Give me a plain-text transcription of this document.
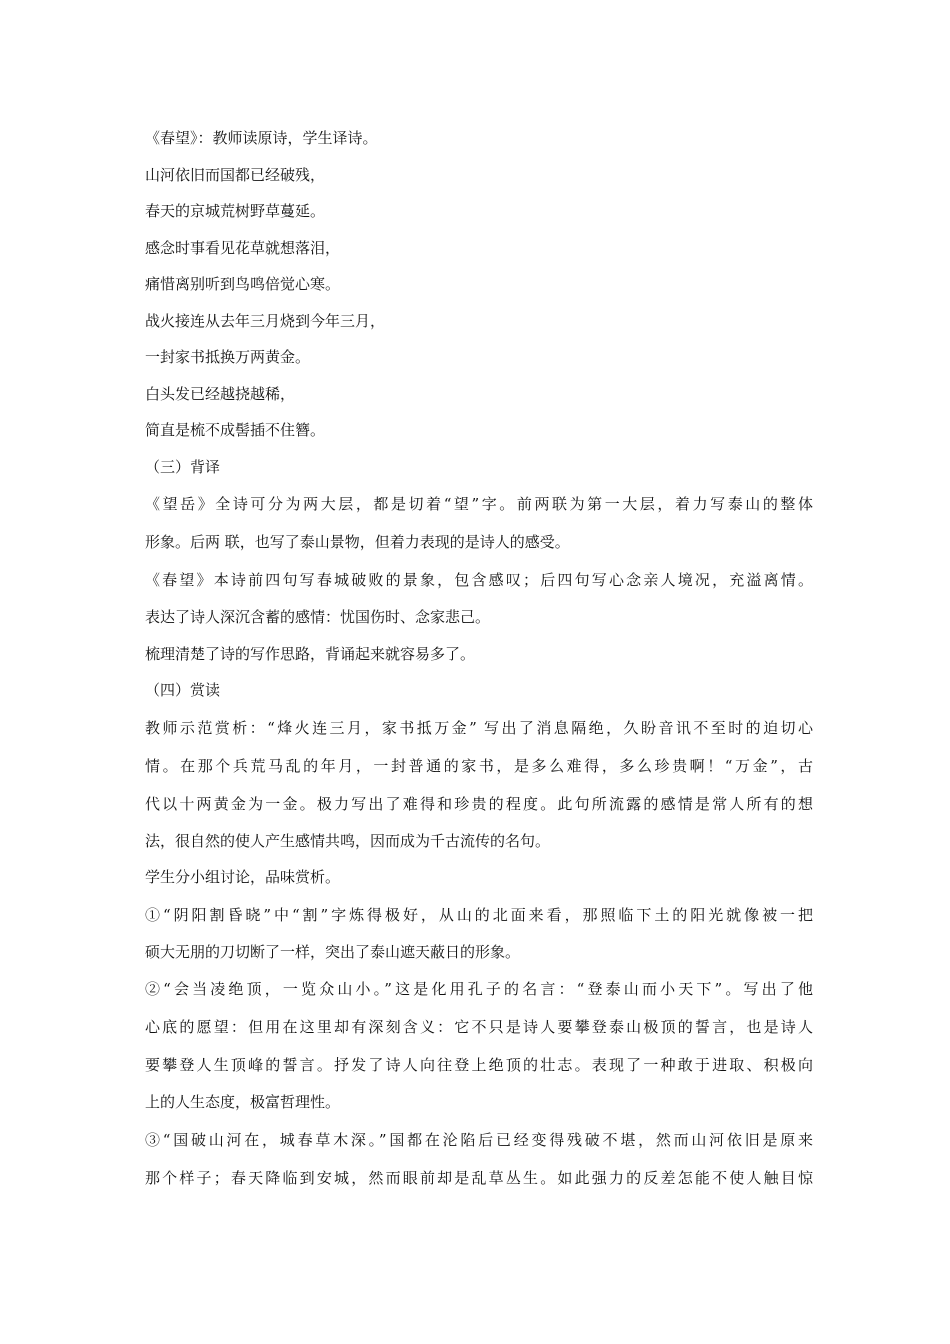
《春望》：教师读原诗，学生译诗。
山河依旧而国都已经破残，
春天的京城荒树野草蔓延。
感念时事看见花草就想落泪，
痛惜离别听到鸟鸣倍觉心寒。
战火接连从去年三月烧到今年三月，
一封家书抵换万两黄金。
白头发已经越挠越稀，
简直是梳不成髻插不住簪。
（三）背译
《望岳》全诗可分为两大层，都是切着“望”字。前两联为第一大层，着力写泰山的整体
形象。后两 联，也写了泰山景物，但着力表现的是诗人的感受。
《春望》本诗前四句写春城破败的景象，包含感叹；后四句写心念亲人境况，充溢离情。
表达了诗人深沉含蓄的感情：忧国伤时、念家悲己。
梳理清楚了诗的写作思路，背诵起来就容易多了。
（四）赏读
教师示范赏析：“烽火连三月，家书抵万金” 写出了消息隔绝，久盼音讯不至时的迫切心
情。在那个兵荒马乱的年月，一封普通的家书，是多么难得，多么珍贵啊！“万金”，古
代以十两黄金为一金。极力写出了难得和珍贵的程度。此句所流露的感情是常人所有的想
法，很自然的使人产生感情共鸣，因而成为千古流传的名句。
学生分小组讨论，品味赏析。
①“阴阳割昏晓”中“割”字炼得极好，从山的北面来看，那照临下土的阳光就像被一把
硕大无朋的刀切断了一样，突出了泰山遮天蔽日的形象。
②“会当凌绝顶，一览众山小。”这是化用孔子的名言：“登泰山而小天下”。写出了他
心底的愿望：但用在这里却有深刻含义：它不只是诗人要攀登泰山极顶的誓言，也是诗人
要攀登人生顶峰的誓言。抒发了诗人向往登上绝顶的壮志。表现了一种敢于进取、积极向
上的人生态度，极富哲理性。
③“国破山河在，城春草木深。”国都在沦陷后已经变得残破不堪，然而山河依旧是原来
那个样子；春天降临到安城，然而眼前却是乱草丛生。如此强力的反差怎能不使人触目惊
